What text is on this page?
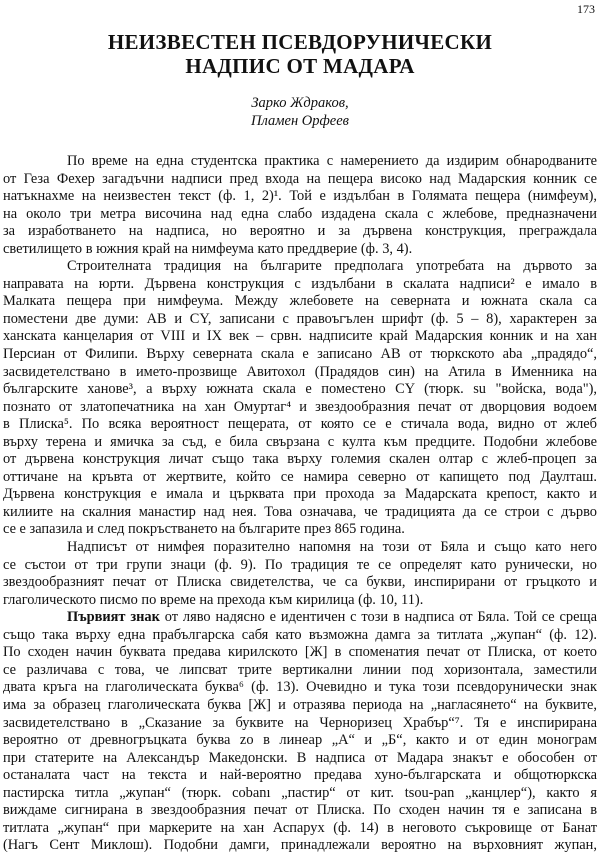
173
НЕИЗВЕСТЕН ПСЕВДОРУНИЧЕСКИ
НАДПИС ОТ МАДАРА
Зарко Ждраков,
Пламен Орфеев
По време на една студентска практика с намерението да издирим обнародваните
от Геза Фехер загадъчни надписи пред входа на пещера високо над Мадарския конник се
натъкнахме на неизвестен текст (ф. 1, 2)¹. Той е издълбан в Голямата пещера (нимфеум),
на около три метра височина над една слабо издадена скала с жлебове, предназначени
за изработването на надписа, но вероятно и за дървена конструкция, преграждала
светилището в южния край на нимфеума като преддверие (ф. 3, 4).
Строителната традиция на българите предполага употребата на дървото за
направата на юрти. Дървена конструкция с издълбани в скалата надписи² е имало в
Малката пещера при нимфеума. Между жлебовете на северната и южната скала са
поместени две думи: АВ и СY, записани с правоъгълен шрифт (ф. 5 – 8), характерен за
ханската канцелария от VIII и IX век – срвн. надписите край Мадарския конник и на хан
Персиан от Филипи. Върху северната скала е записано АВ от тюркското aba „прадядо“,
засвидетелствано в името-прозвище Авитохол (Прадядов син) на Атила в Именника на
българските ханове³, а върху южната скала е поместено СY (тюрк. su "войска, вода"),
познато от златопечатника на хан Омуртаг⁴ и звездообразния печат от дворцовия водоем
в Плиска⁵. По всяка вероятност пещерата, от която се е стичала вода, видно от жлеб
върху терена и ямичка за съд, е била свързана с култа към предците. Подобни жлебове
от дървена конструкция личат също така върху големия скален олтар с жлеб-процеп за
оттичане на кръвта от жертвите, който се намира северно от капището под Даулташ.
Дървена конструкция е имала и църквата при прохода за Мадарската крепост, както и
килиите на скалния манастир над нея. Това означава, че традицията да се строи с дърво
се е запазила и след покръстването на българите през 865 година.
Надписът от нимфея поразително напомня на този от Бяла и също като него
се състои от три групи знаци (ф. 9). По традиция те се определят като рунически, но
звездообразният печат от Плиска свидетелства, че са букви, инспирирани от гръцкото и
глаголическото писмо по време на прехода към кирилица (ф. 10, 11).
Първият знак от ляво надясно е идентичен с този в надписа от Бяла. Той се среща
също така върху една прабългарска сабя като възможна дамга за титлата „жупан“ (ф. 12).
По сходен начин буквата предава кирилското [Ж] в споменатия печат от Плиска, от което
се различава с това, че липсват трите вертикални линии под хоризонтала, заместили
двата кръга на глаголическата буква⁶ (ф. 13). Очевидно и тука този псевдорунически знак
има за образец глаголическата буква [Ж] и отразява периода на „нагласянето“ на буквите,
засвидетелствано в „Сказание за буквите на Черноризец Храбър“⁷. Тя е инспирирана
вероятно от древногръцката буква zo в линеар „А“ и „Б“, както и от един монограм
при статерите на Александър Македонски. В надписа от Мадара знакът е обособен от
останалата част на текста и най-вероятно предава хуно-българската и общотюркска
пастирска титла „жупан“ (тюрк. cobanı „пастир“ от кит. tsou-pan „канцлер“), както я
виждаме сигнирана в звездообразния печат от Плиска. По сходен начин тя е записана в
титлата „жупан“ при маркерите на хан Аспарух (ф. 14) в неговото съкровище от Банат
(Нагъ Сент Миклош). Подобни дамги, принадлежали вероятно на върховният жупан,
